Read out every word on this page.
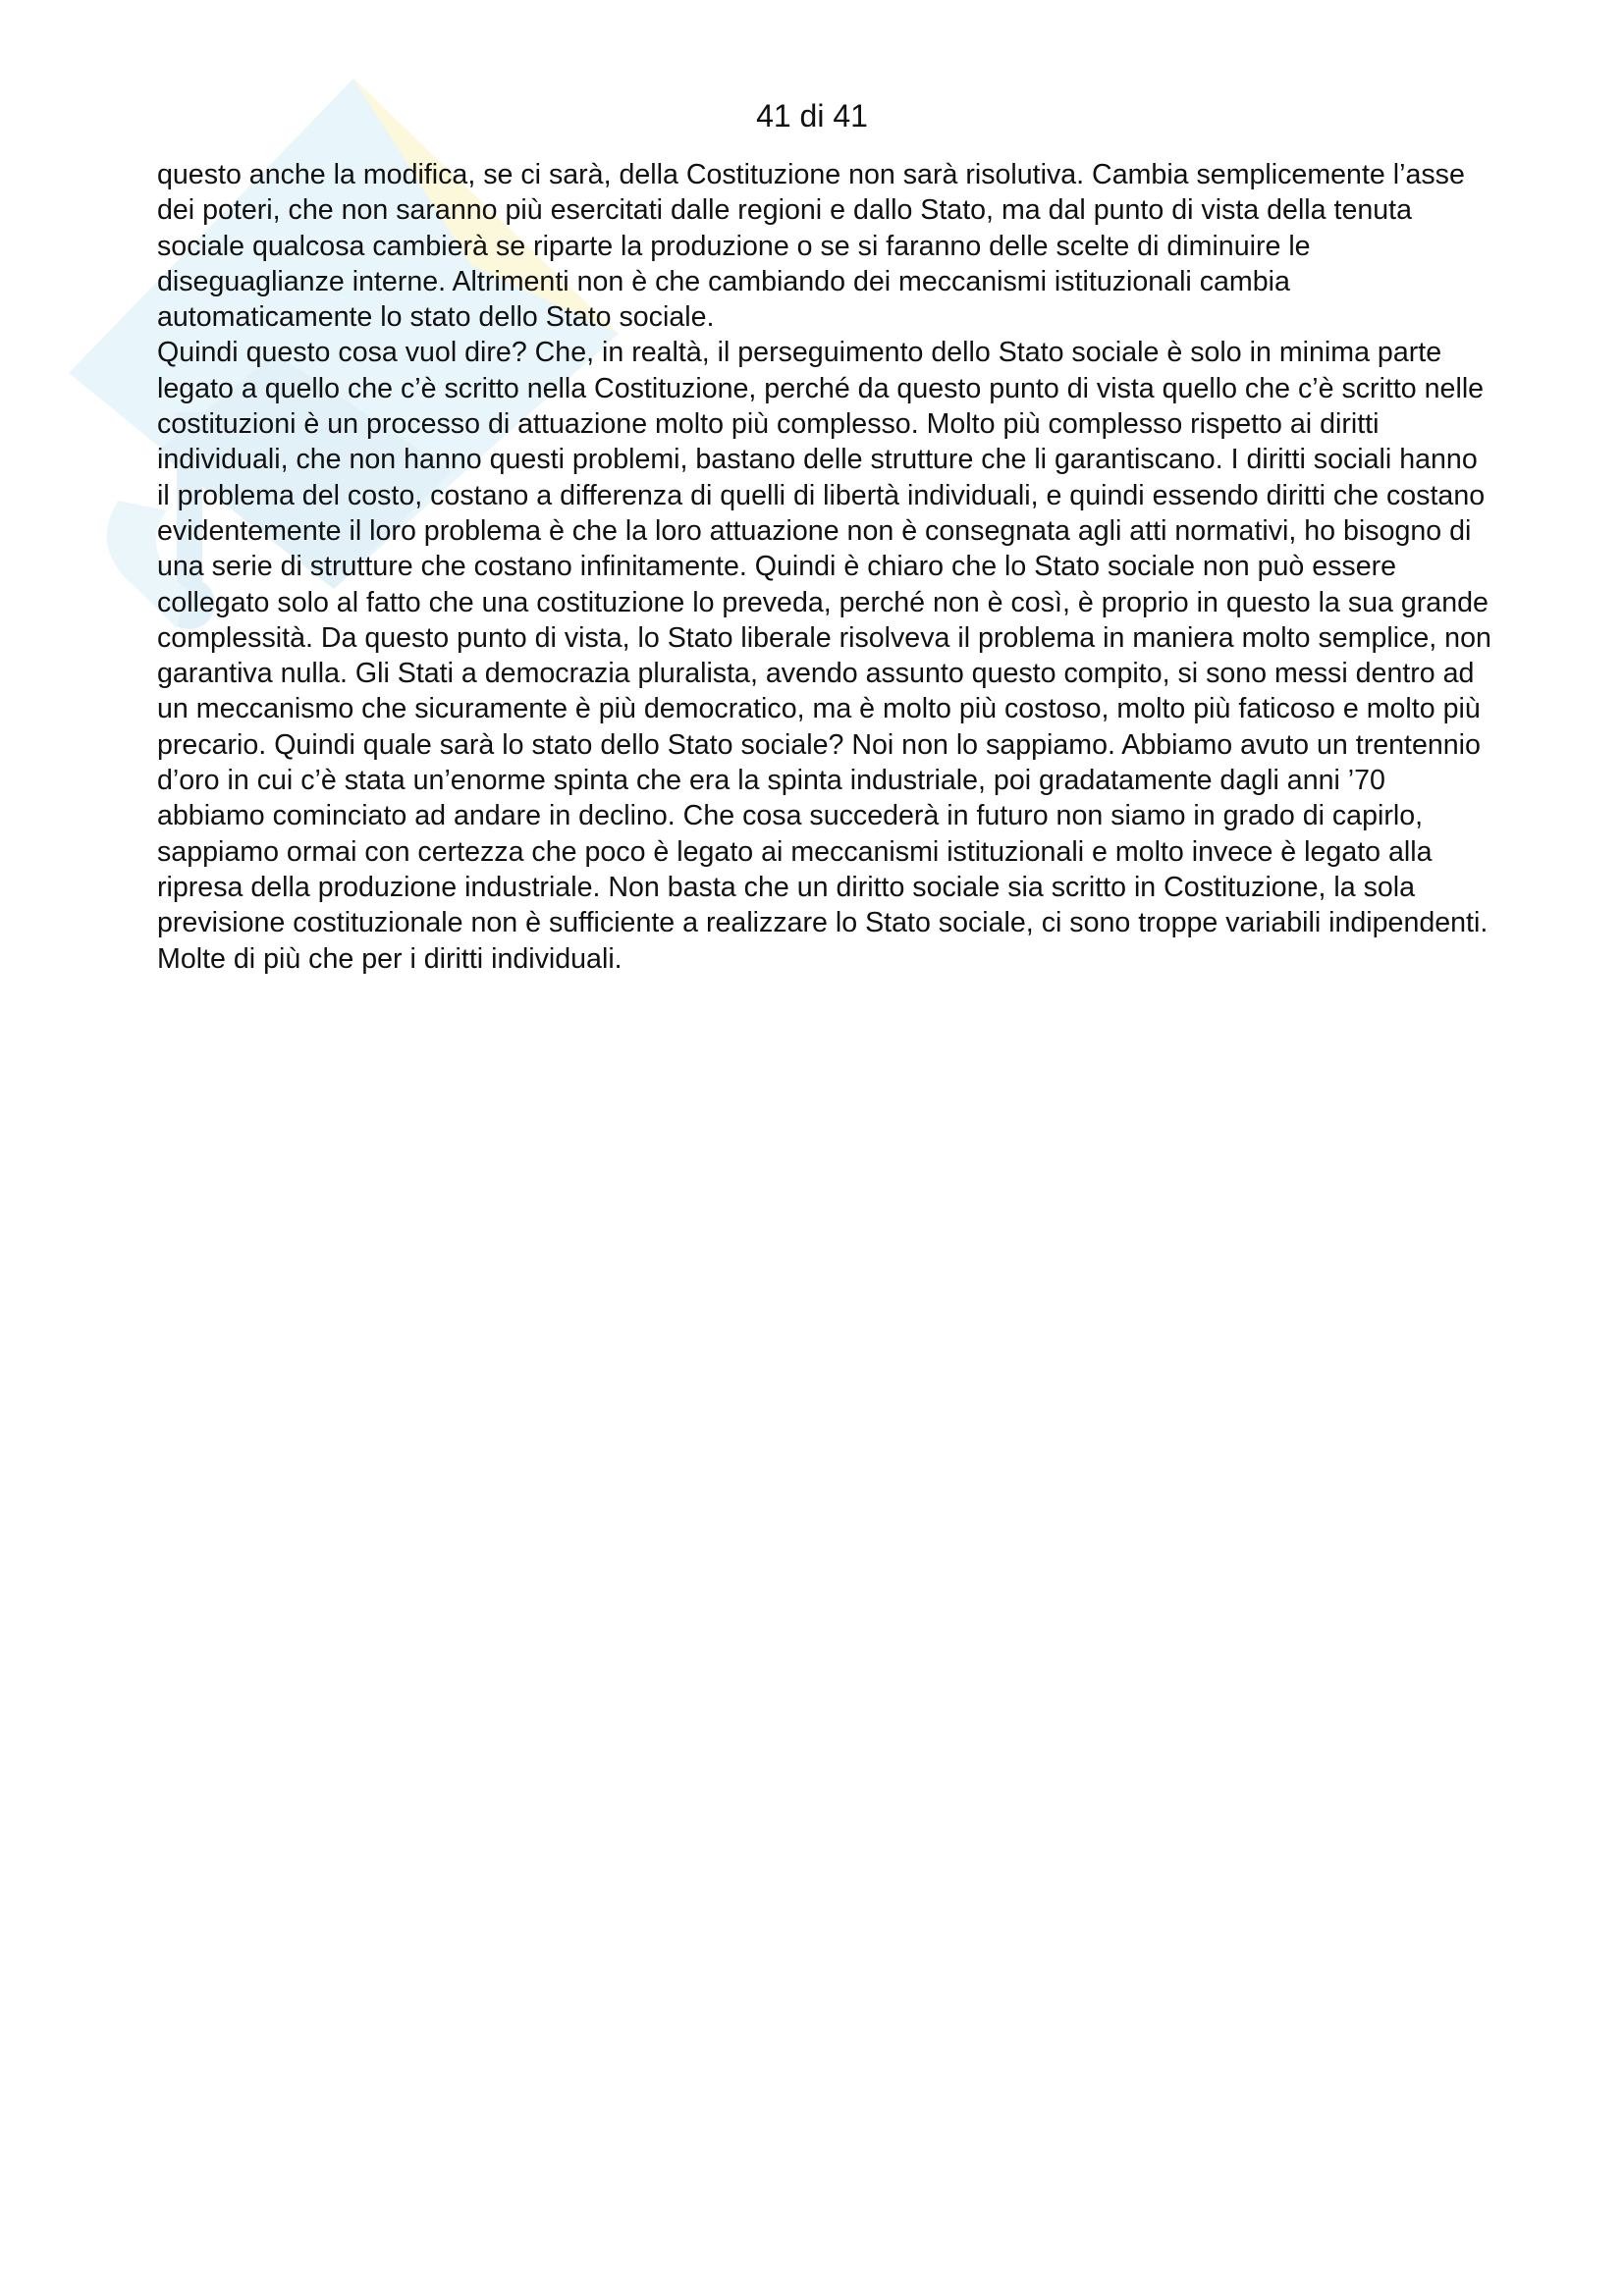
41 di 41

questo anche la modifica, se ci sarà, della Costituzione non sarà risolutiva. Cambia semplicemente l’asse dei poteri, che non saranno più esercitati dalle regioni e dallo Stato, ma dal punto di vista della tenuta sociale qualcosa cambierà se riparte la produzione o se si faranno delle scelte di diminuire le diseguaglianze interne. Altrimenti non è che cambiando dei meccanismi istituzionali cambia automaticamente lo stato dello Stato sociale.

Quindi questo cosa vuol dire? Che, in realtà, il perseguimento dello Stato sociale è solo in minima parte legato a quello che c’è scritto nella Costituzione, perché da questo punto di vista quello che c’è scritto nelle costituzioni è un processo di attuazione molto più complesso. Molto più complesso rispetto ai diritti individuali, che non hanno questi problemi, bastano delle strutture che li garantiscano. I diritti sociali hanno il problema del costo, costano a differenza di quelli di libertà individuali, e quindi essendo diritti che costano evidentemente il loro problema è che la loro attuazione non è consegnata agli atti normativi, ho bisogno di una serie di strutture che costano infinitamente. Quindi è chiaro che lo Stato sociale non può essere collegato solo al fatto che una costituzione lo preveda, perché non è così, è proprio in questo la sua grande complessità. Da questo punto di vista, lo Stato liberale risolveva il problema in maniera molto semplice, non garantiva nulla. Gli Stati a democrazia pluralista, avendo assunto questo compito, si sono messi dentro ad un meccanismo che sicuramente è più democratico, ma è molto più costoso, molto più faticoso e molto più precario. Quindi quale sarà lo stato dello Stato sociale? Noi non lo sappiamo. Abbiamo avuto un trentennio d’oro in cui c’è stata un’enorme spinta che era la spinta industriale, poi gradatamente dagli anni ’70 abbiamo cominciato ad andare in declino. Che cosa succederà in futuro non siamo in grado di capirlo, sappiamo ormai con certezza che poco è legato ai meccanismi istituzionali e molto invece è legato alla ripresa della produzione industriale. Non basta che un diritto sociale sia scritto in Costituzione, la sola previsione costituzionale non è sufficiente a realizzare lo Stato sociale, ci sono troppe variabili indipendenti. Molte di più che per i diritti individuali.
